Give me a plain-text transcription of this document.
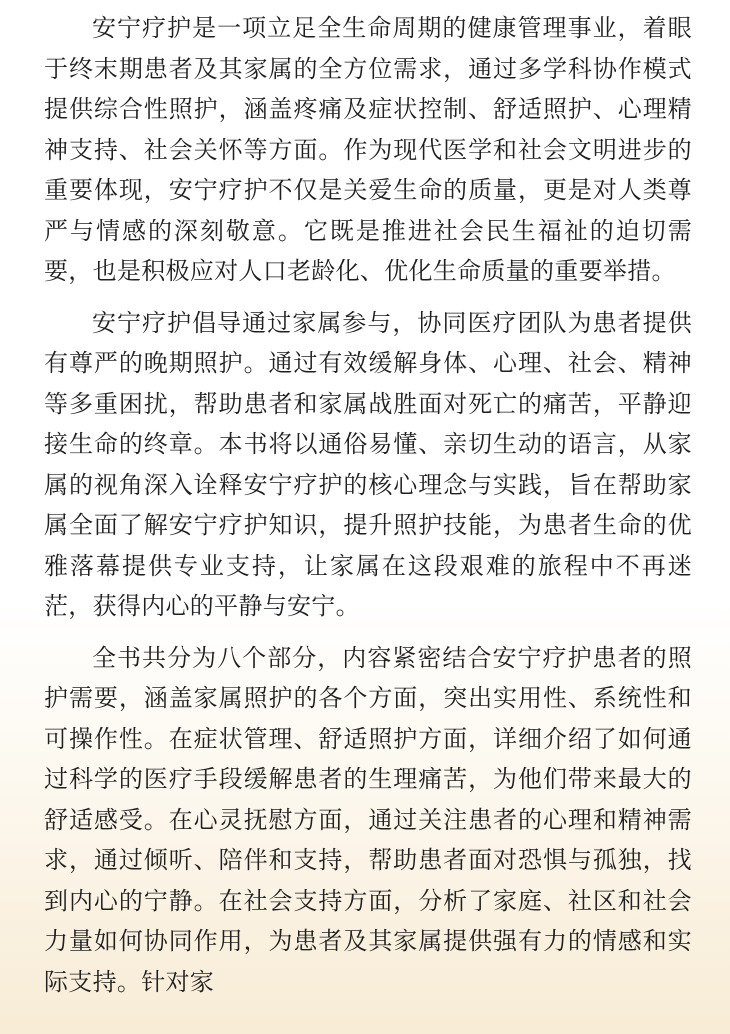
安宁疗护是一项立足全生命周期的健康管理事业，着眼于终末期患者及其家属的全方位需求，通过多学科协作模式提供综合性照护，涵盖疼痛及症状控制、舒适照护、心理精神支持、社会关怀等方面。作为现代医学和社会文明进步的重要体现，安宁疗护不仅是关爱生命的质量，更是对人类尊严与情感的深刻敬意。它既是推进社会民生福祉的迫切需要，也是积极应对人口老龄化、优化生命质量的重要举措。

安宁疗护倡导通过家属参与，协同医疗团队为患者提供有尊严的晚期照护。通过有效缓解身体、心理、社会、精神等多重困扰，帮助患者和家属战胜面对死亡的痛苦，平静迎接生命的终章。本书将以通俗易懂、亲切生动的语言，从家属的视角深入诠释安宁疗护的核心理念与实践，旨在帮助家属全面了解安宁疗护知识，提升照护技能，为患者生命的优雅落幕提供专业支持，让家属在这段艰难的旅程中不再迷茫，获得内心的平静与安宁。

全书共分为八个部分，内容紧密结合安宁疗护患者的照护需要，涵盖家属照护的各个方面，突出实用性、系统性和可操作性。在症状管理、舒适照护方面，详细介绍了如何通过科学的医疗手段缓解患者的生理痛苦，为他们带来最大的舒适感受。在心灵抚慰方面，通过关注患者的心理和精神需求，通过倾听、陪伴和支持，帮助患者面对恐惧与孤独，找到内心的宁静。在社会支持方面，分析了家庭、社区和社会力量如何协同作用，为患者及其家属提供强有力的情感和实际支持。针对家
